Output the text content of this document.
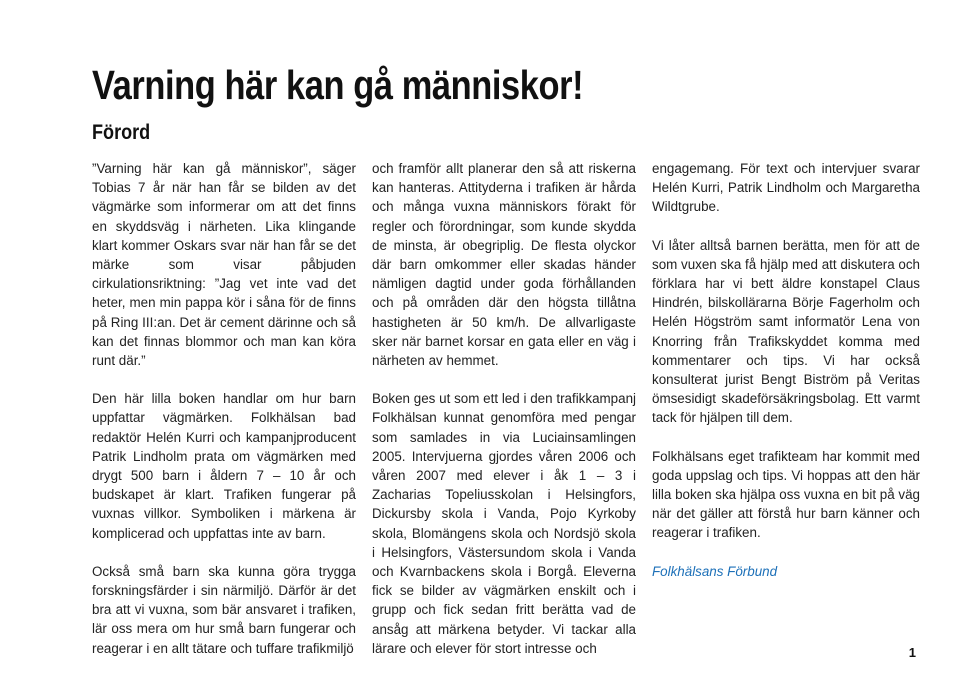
Varning här kan gå människor!
Förord

”Varning här kan gå människor”, säger Tobias 7 år när han får se bilden av det vägmärke som informerar om att det finns en skyddsväg i närheten. Lika klingande klart kommer Oskars svar när han får se det märke som visar påbjuden cirkulationsriktning: ”Jag vet inte vad det heter, men min pappa kör i såna för de finns på Ring III:an. Det är cement därinne och så kan det finnas blommor och man kan köra runt där.”

Den här lilla boken handlar om hur barn uppfattar vägmärken. Folkhälsan bad redaktör Helén Kurri och kampanjproducent Patrik Lindholm prata om vägmärken med drygt 500 barn i åldern 7 – 10 år och budskapet är klart. Trafiken fungerar på vuxnas villkor. Symboliken i märkena är komplicerad och uppfattas inte av barn.

Också små barn ska kunna göra trygga forskningsfärder i sin närmiljö. Därför är det bra att vi vuxna, som bär ansvaret i trafiken, lär oss mera om hur små barn fungerar och reagerar i en allt tätare och tuffare trafikmiljö

och framför allt planerar den så att riskerna kan hanteras. Attityderna i trafiken är hårda och många vuxna människors förakt för regler och förordningar, som kunde skydda de minsta, är obegriplig. De flesta olyckor där barn omkommer eller skadas händer nämligen dagtid under goda förhållanden och på områden där den högsta tillåtna hastigheten är 50 km/h. De allvarligaste sker när barnet korsar en gata eller en väg i närheten av hemmet.

Boken ges ut som ett led i den trafikkampanj Folkhälsan kunnat genomföra med pengar som samlades in via Luciainsamlingen 2005. Intervjuerna gjordes våren 2006 och våren 2007 med elever i åk 1 – 3 i Zacharias Topeliusskolan i Helsingfors, Dickursby skola i Vanda, Pojo Kyrkoby skola, Blomängens skola och Nordsjö skola i Helsingfors, Västersundom skola i Vanda och Kvarnbackens skola i Borgå. Eleverna fick se bilder av vägmärken enskilt och i grupp och fick sedan fritt berätta vad de ansåg att märkena betyder. Vi tackar alla lärare och elever för stort intresse och

engagemang. För text och intervjuer svarar Helén Kurri, Patrik Lindholm och Margaretha Wildtgrube.

Vi låter alltså barnen berätta, men för att de som vuxen ska få hjälp med att diskutera och förklara har vi bett äldre konstapel Claus Hindrén, bilskollärarna Börje Fagerholm och Helén Högström samt informatör Lena von Knorring från Trafikskyddet komma med kommentarer och tips. Vi har också konsulterat jurist Bengt Biström på Veritas ömsesidigt skadeförsäkringsbolag. Ett varmt tack för hjälpen till dem.

Folkhälsans eget trafikteam har kommit med goda uppslag och tips. Vi hoppas att den här lilla boken ska hjälpa oss vuxna en bit på väg när det gäller att förstå hur barn känner och reagerar i trafiken.

Folkhälsans Förbund

1
